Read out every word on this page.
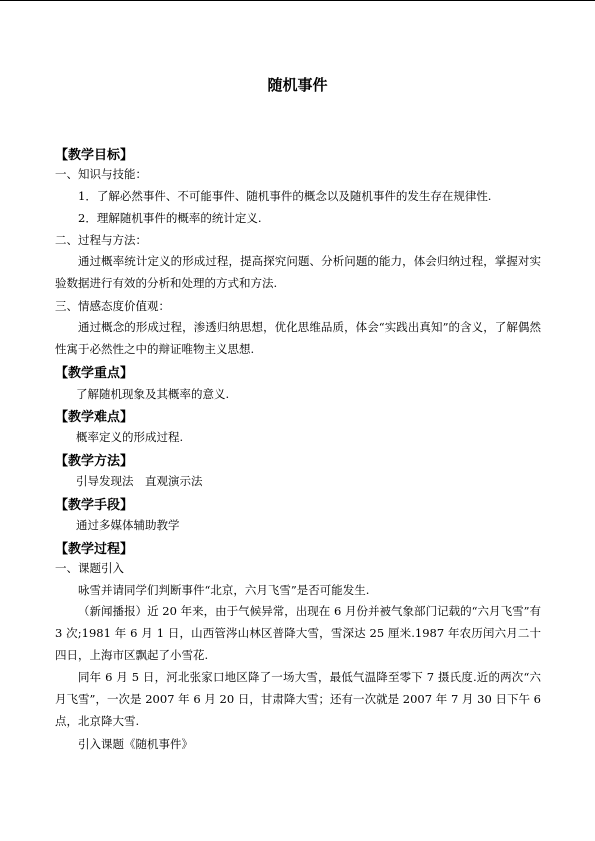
随机事件
【教学目标】
一、知识与技能：
1．了解必然事件、不可能事件、随机事件的概念以及随机事件的发生存在规律性.
2．理解随机事件的概率的统计定义.
二、过程与方法：
通过概率统计定义的形成过程，提高探究问题、分析问题的能力，体会归纳过程，掌握对实验数据进行有效的分析和处理的方式和方法.
三、情感态度价值观：
通过概念的形成过程，渗透归纳思想，优化思维品质，体会“实践出真知”的含义，了解偶然性寓于必然性之中的辩证唯物主义思想.
【教学重点】
了解随机现象及其概率的意义.
【教学难点】
概率定义的形成过程.
【教学方法】
引导发现法　直观演示法
【教学手段】
通过多媒体辅助教学
【教学过程】
一、课题引入
咏雪并请同学们判断事件“北京，六月飞雪”是否可能发生.
（新闻播报）近 20 年来，由于气候异常，出现在 6 月份并被气象部门记载的“六月飞雪”有 3 次;1981 年 6 月 1 日，山西管涔山林区普降大雪，雪深达 25 厘米.1987 年农历闰六月二十四日，上海市区飘起了小雪花.
同年 6 月 5 日，河北张家口地区降了一场大雪，最低气温降至零下 7 摄氏度.近的两次“六月飞雪”，一次是 2007 年 6 月 20 日，甘肃降大雪；还有一次就是 2007 年 7 月 30 日下午 6 点，北京降大雪.
引入课题《随机事件》
